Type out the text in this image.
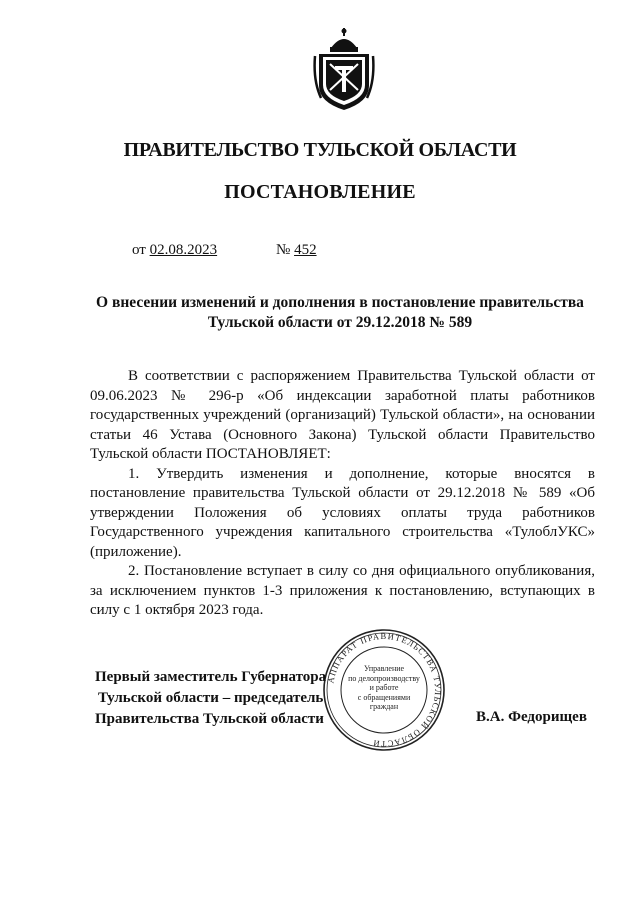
ПРАВИТЕЛЬСТВО ТУЛЬСКОЙ ОБЛАСТИ
ПОСТАНОВЛЕНИЕ
от 02.08.2023	№ 452
О внесении изменений и дополнения в постановление правительства
Тульской области от 29.12.2018 № 589

В соответствии с распоряжением Правительства Тульской области от 09.06.2023 № 296-р «Об индексации заработной платы работников государственных учреждений (организаций) Тульской области», на основании статьи 46 Устава (Основного Закона) Тульской области Правительство Тульской области ПОСТАНОВЛЯЕТ:

1. Утвердить изменения и дополнение, которые вносятся в постановление правительства Тульской области от 29.12.2018 № 589 «Об утверждении Положения об условиях оплаты труда работников Государственного учреждения капитального строительства «ТулоблУКС» (приложение).

2. Постановление вступает в силу со дня официального опубликования, за исключением пунктов 1-3 приложения к постановлению, вступающих в силу с 1 октября 2023 года.

АППАРАТ ПРАВИТЕЛЬСТВА ТУЛЬСКОЙ ОБЛАСТИ
Управление
по делопроизводству
и работе
с обращениями
граждан
Первый заместитель Губернатора
Тульской области – председатель
Правительства Тульской области	В.А. Федорищев
